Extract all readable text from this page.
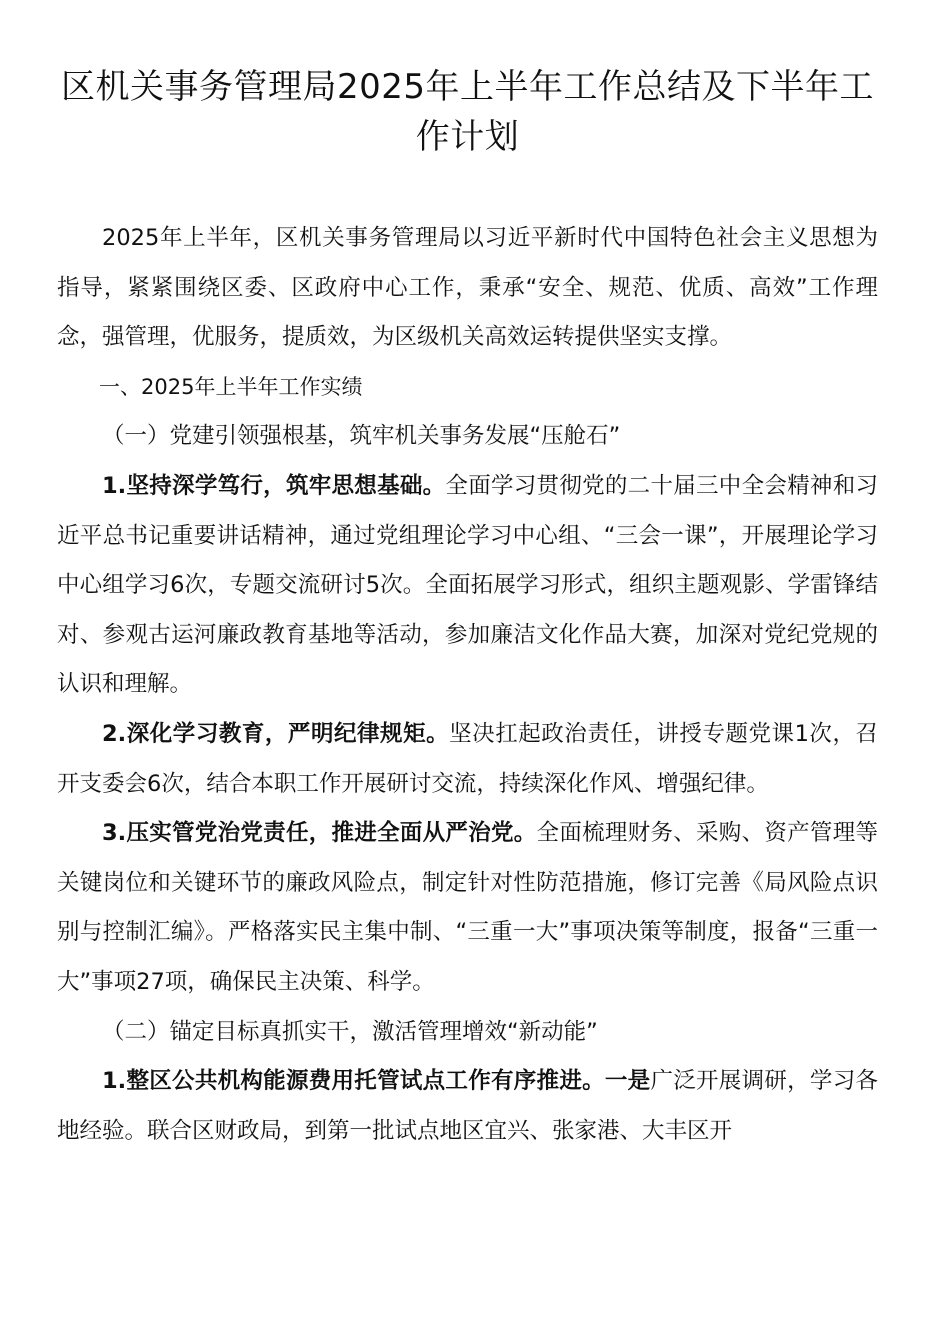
区机关事务管理局2025年上半年工作总结及下半年工作计划

2025年上半年，区机关事务管理局以习近平新时代中国特色社会主义思想为指导，紧紧围绕区委、区政府中心工作，秉承“安全、规范、优质、高效”工作理念，强管理，优服务，提质效，为区级机关高效运转提供坚实支撑。

一、2025年上半年工作实绩

（一）党建引领强根基，筑牢机关事务发展“压舱石”

1.坚持深学笃行，筑牢思想基础。全面学习贯彻党的二十届三中全会精神和习近平总书记重要讲话精神，通过党组理论学习中心组、“三会一课”，开展理论学习中心组学习6次，专题交流研讨5次。全面拓展学习形式，组织主题观影、学雷锋结对、参观古运河廉政教育基地等活动，参加廉洁文化作品大赛，加深对党纪党规的认识和理解。

2.深化学习教育，严明纪律规矩。坚决扛起政治责任，讲授专题党课1次，召开支委会6次，结合本职工作开展研讨交流，持续深化作风、增强纪律。

3.压实管党治党责任，推进全面从严治党。全面梳理财务、采购、资产管理等关键岗位和关键环节的廉政风险点，制定针对性防范措施，修订完善《局风险点识别与控制汇编》。严格落实民主集中制、“三重一大”事项决策等制度，报备“三重一大”事项27项，确保民主决策、科学。

（二）锚定目标真抓实干，激活管理增效“新动能”

1.整区公共机构能源费用托管试点工作有序推进。一是广泛开展调研，学习各地经验。联合区财政局，到第一批试点地区宜兴、张家港、大丰区开
